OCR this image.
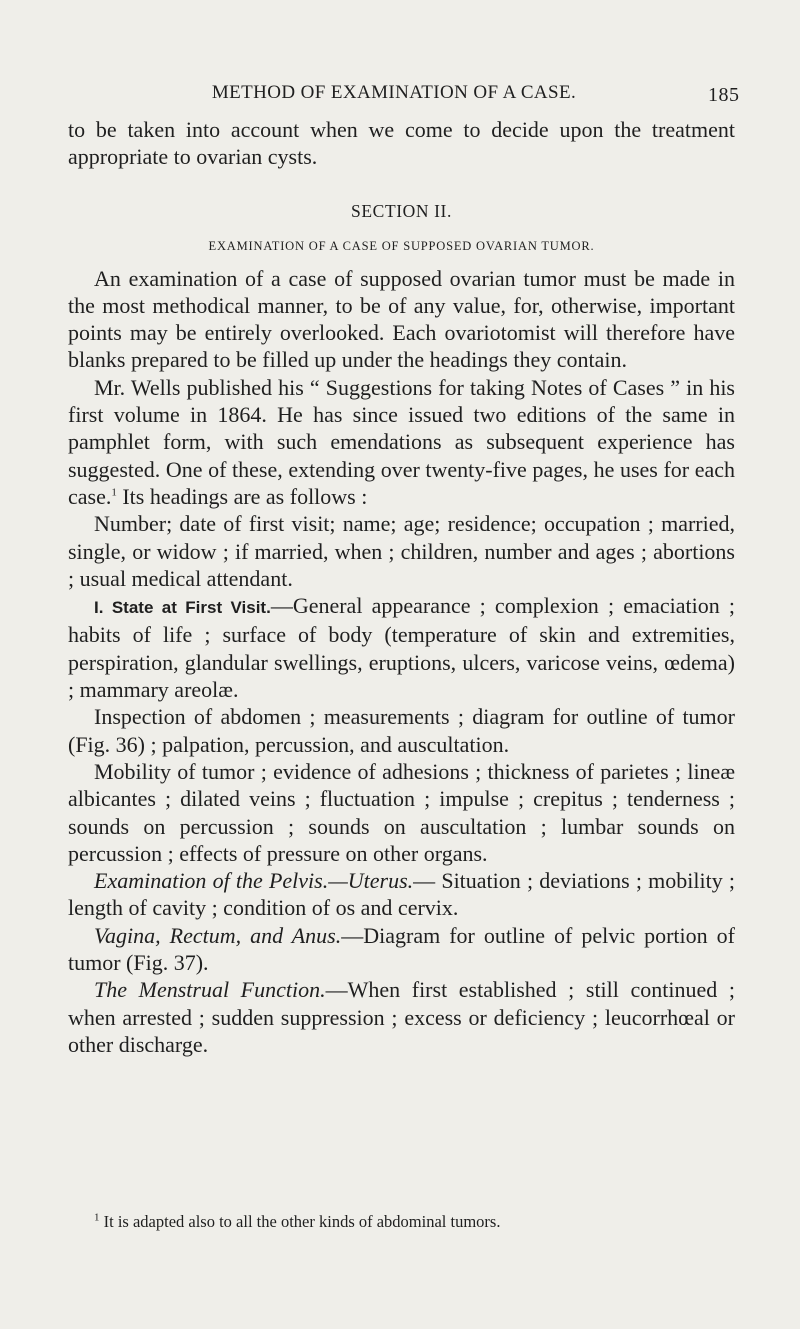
METHOD OF EXAMINATION OF A CASE.	185

to be taken into account when we come to decide upon the treatment appropriate to ovarian cysts.

SECTION II.
EXAMINATION OF A CASE OF SUPPOSED OVARIAN TUMOR.

An examination of a case of supposed ovarian tumor must be made in the most methodical manner, to be of any value, for, otherwise, important points may be entirely overlooked. Each ovariotomist will therefore have blanks prepared to be filled up under the headings they contain.

Mr. Wells published his “ Suggestions for taking Notes of Cases ” in his first volume in 1864. He has since issued two editions of the same in pamphlet form, with such emendations as subsequent experience has suggested. One of these, extending over twenty-five pages, he uses for each case.$^1$ Its headings are as follows :

Number; date of first visit; name; age; residence; occupation ; married, single, or widow ; if married, when ; children, number and ages ; abortions ; usual medical attendant.

I. State at First Visit.—General appearance ; complexion ; emaciation ; habits of life ; surface of body (temperature of skin and extremities, perspiration, glandular swellings, eruptions, ulcers, varicose veins, œdema) ; mammary areolæ.

Inspection of abdomen ; measurements ; diagram for outline of tumor (Fig. 36) ; palpation, percussion, and auscultation.

Mobility of tumor ; evidence of adhesions ; thickness of parietes ; lineæ albicantes ; dilated veins ; fluctuation ; impulse ; crepitus ; tenderness ; sounds on percussion ; sounds on auscultation ; lumbar sounds on percussion ; effects of pressure on other organs.

Examination of the Pelvis.—Uterus.— Situation ; deviations ; mobility ; length of cavity ; condition of os and cervix.

Vagina, Rectum, and Anus.—Diagram for outline of pelvic portion of tumor (Fig. 37).

The Menstrual Function.—When first established ; still continued ; when arrested ; sudden suppression ; excess or deficiency ; leucorrhœal or other discharge.

$^1$ It is adapted also to all the other kinds of abdominal tumors.
